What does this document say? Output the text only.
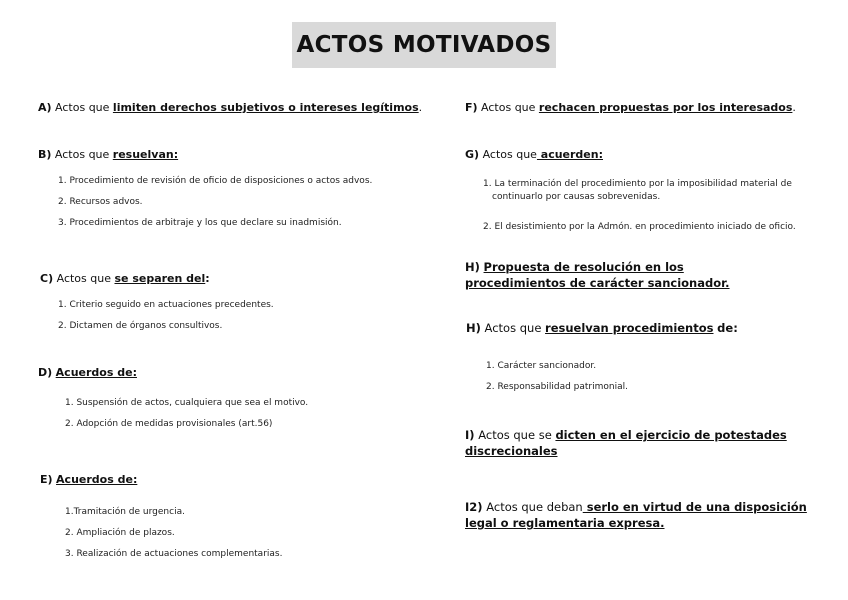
ACTOS MOTIVADOS
A) Actos que limiten derechos subjetivos o intereses legítimos.
B) Actos que resuelvan:
1. Procedimiento de revisión de oficio de disposiciones o actos advos.
2. Recursos advos.
3. Procedimientos de arbitraje y los que declare su inadmisión.
C) Actos que se separen del:
1. Criterio seguido en actuaciones precedentes.
2. Dictamen de órganos consultivos.
D) Acuerdos de:
1. Suspensión de actos, cualquiera que sea el motivo.
2. Adopción de medidas provisionales (art.56)
E) Acuerdos de:
1.Tramitación de urgencia.
2. Ampliación de plazos.
3. Realización de actuaciones complementarias.
F) Actos que rechacen propuestas por los interesados.
G) Actos que acuerden:
1. La terminación del procedimiento por la imposibilidad material de
continuarlo por causas sobrevenidas.
2. El desistimiento por la Admón. en procedimiento iniciado de oficio.
H) Propuesta de resolución en los
procedimientos de carácter sancionador.
H) Actos que resuelvan procedimientos de:
1. Carácter sancionador.
2. Responsabilidad patrimonial.
I) Actos que se dicten en el ejercicio de potestades
discrecionales
I2) Actos que deban serlo en virtud de una disposición
legal o reglamentaria expresa.
